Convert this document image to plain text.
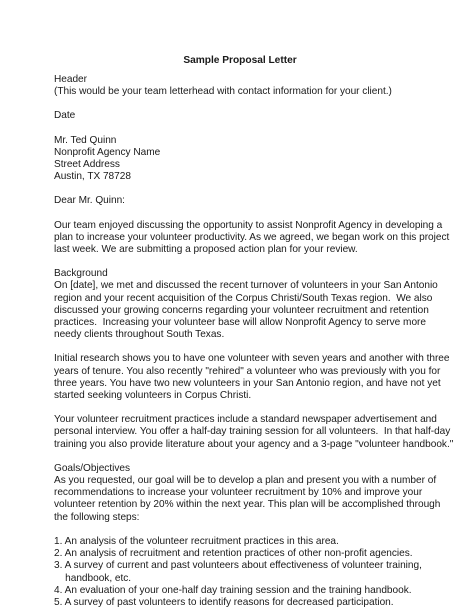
Sample Proposal Letter
Header
(This would be your team letterhead with contact information for your client.)
Date
Mr. Ted Quinn
Nonprofit Agency Name
Street Address
Austin, TX 78728
Dear Mr. Quinn:
Our team enjoyed discussing the opportunity to assist Nonprofit Agency in developing a
plan to increase your volunteer productivity. As we agreed, we began work on this project
last week. We are submitting a proposed action plan for your review.
Background
On [date], we met and discussed the recent turnover of volunteers in your San Antonio
region and your recent acquisition of the Corpus Christi/South Texas region.  We also
discussed your growing concerns regarding your volunteer recruitment and retention
practices.  Increasing your volunteer base will allow Nonprofit Agency to serve more
needy clients throughout South Texas.
Initial research shows you to have one volunteer with seven years and another with three
years of tenure. You also recently "rehired" a volunteer who was previously with you for
three years. You have two new volunteers in your San Antonio region, and have not yet
started seeking volunteers in Corpus Christi.
Your volunteer recruitment practices include a standard newspaper advertisement and
personal interview. You offer a half-day training session for all volunteers.  In that half-day
training you also provide literature about your agency and a 3-page "volunteer handbook."
Goals/Objectives
As you requested, our goal will be to develop a plan and present you with a number of
recommendations to increase your volunteer recruitment by 10% and improve your
volunteer retention by 20% within the next year. This plan will be accomplished through
the following steps:
1. An analysis of the volunteer recruitment practices in this area.
2. An analysis of recruitment and retention practices of other non-profit agencies.
3. A survey of current and past volunteers about effectiveness of volunteer training,
handbook, etc.
4. An evaluation of your one-half day training session and the training handbook.
5. A survey of past volunteers to identify reasons for decreased participation.
